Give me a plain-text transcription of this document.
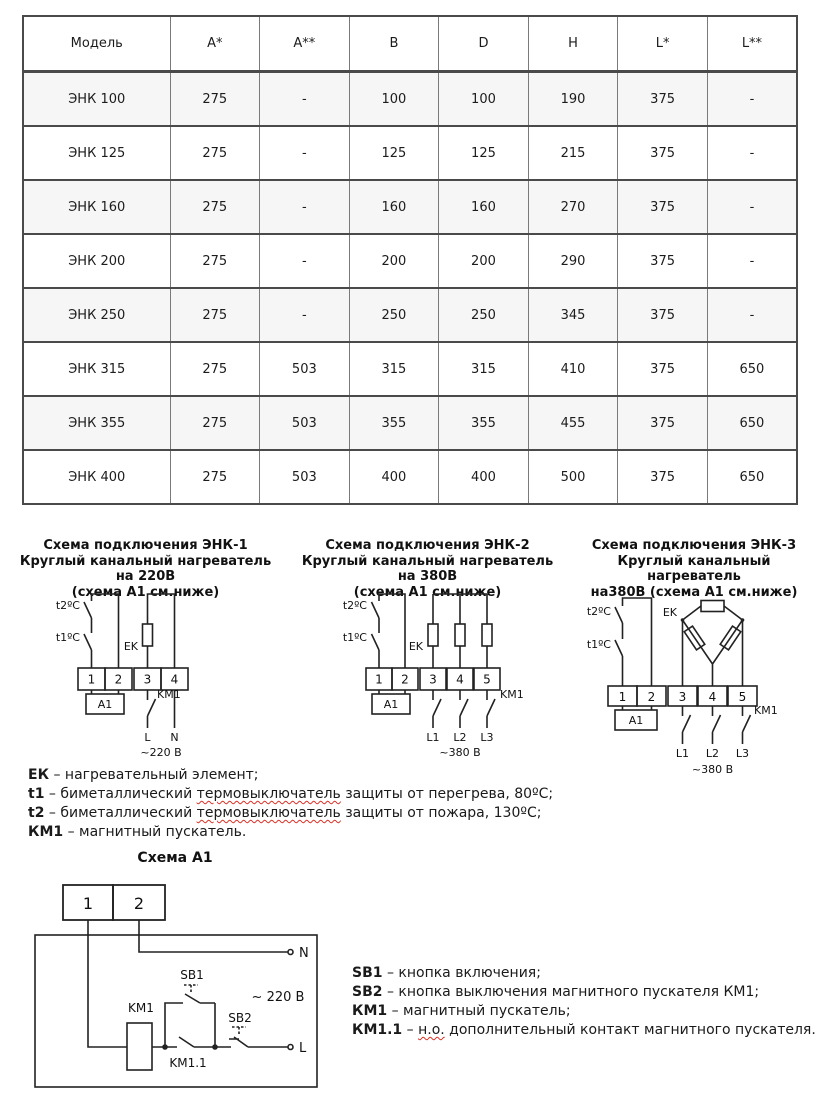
Модель	A*	A**	B	D	H	L*	L**
ЭНК 100	275	-	100	100	190	375	-
ЭНК 125	275	-	125	125	215	375	-
ЭНК 160	275	-	160	160	270	375	-
ЭНК 200	275	-	200	200	290	375	-
ЭНК 250	275	-	250	250	345	375	-
ЭНК 315	275	503	315	315	410	375	650
ЭНК 355	275	503	355	355	455	375	650
ЭНК 400	275	503	400	400	500	375	650
Схема подключения ЭНК-1
Круглый канальный нагреватель на 220В
(схема А1 см.ниже)
Схема подключения ЭНК-2
Круглый канальный нагреватель на 380В
(схема А1 см.ниже)
Схема подключения ЭНК-3
Круглый канальный нагреватель
на380В (схема А1 см.ниже)
t2ºC
t1ºC
EK
1 2 3 4
A1
KM1
L N
~220 В
t2ºC
t1ºC
EK
1 2 3 4 5
A1
KM1
L1 L2 L3
~380 В
t2ºC
t1ºC
EK
1 2 3 4 5
A1
KM1
L1 L2 L3
~380 В
ЕК – нагревательный элемент;
t1 – биметаллический термовыключатель защиты от перегрева, 80ºС;
t2 – биметаллический термовыключатель защиты от пожара, 130ºС;
КМ1 – магнитный пускатель.
Схема А1
1	2
KM1
KM1.1
SB1
SB2
N
L
~ 220 В
SB1 – кнопка включения;
SB2 – кнопка выключения магнитного пускателя КМ1;
КМ1 – магнитный пускатель;
КМ1.1 – н.о. дополнительный контакт магнитного пускателя.
